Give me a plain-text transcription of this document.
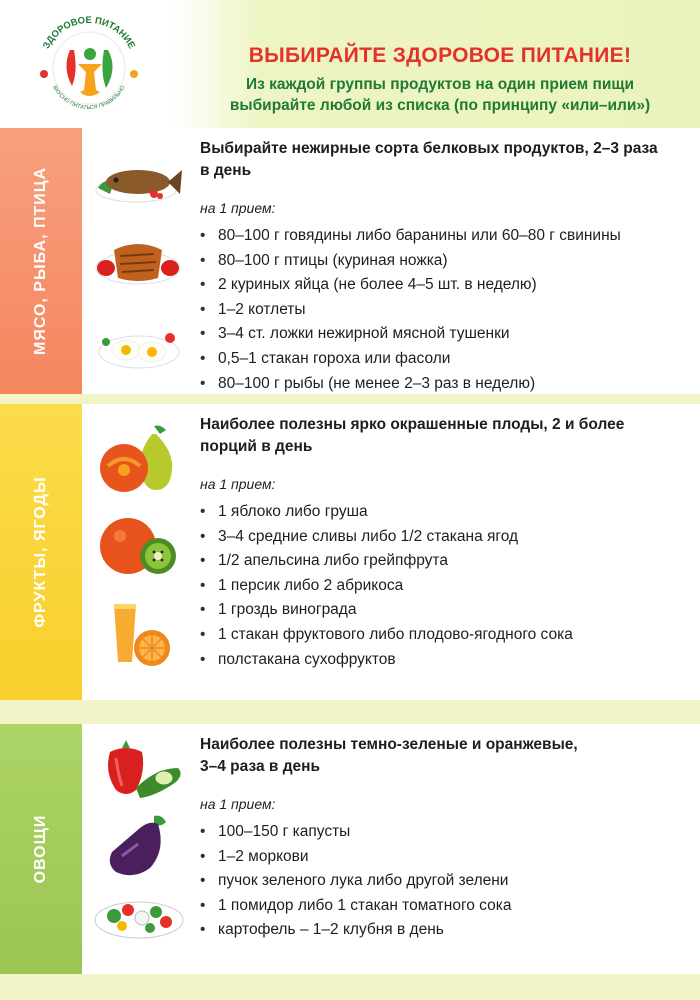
ЗДОРОВОЕ ПИТАНИЕ
ВКУСНО ПИТАТЬСЯ ПРАВИЛЬНО
ВЫБИРАЙТЕ ЗДОРОВОЕ ПИТАНИЕ!
Из каждой группы продуктов на один прием пищи
выбирайте любой из списка (по принципу «или–или»)
МЯСО, РЫБА, ПТИЦА
Выбирайте нежирные сорта белковых продуктов, 2–3 раза
в день
на 1 прием:
• 80–100 г говядины либо баранины или 60–80 г свинины
• 80–100 г птицы (куриная ножка)
• 2 куриных яйца (не более 4–5 шт. в неделю)
• 1–2 котлеты
• 3–4 ст. ложки нежирной мясной тушенки
• 0,5–1 стакан гороха или фасоли
• 80–100 г рыбы (не менее 2–3 раз в неделю)
ФРУКТЫ, ЯГОДЫ
Наиболее полезны ярко окрашенные плоды, 2 и более
порций в день
на 1 прием:
• 1 яблоко либо груша
• 3–4 средние сливы либо 1/2 стакана ягод
• 1/2 апельсина либо грейпфрута
• 1 персик либо 2 абрикоса
• 1 гроздь винограда
• 1 стакан фруктового либо плодово-ягодного сока
• полстакана сухофруктов
ОВОЩИ
Наиболее полезны темно-зеленые и оранжевые,
3–4 раза в день
на 1 прием:
• 100–150 г капусты
• 1–2 моркови
• пучок зеленого лука либо другой зелени
• 1 помидор либо 1 стакан томатного сока
• картофель – 1–2 клубня в день
